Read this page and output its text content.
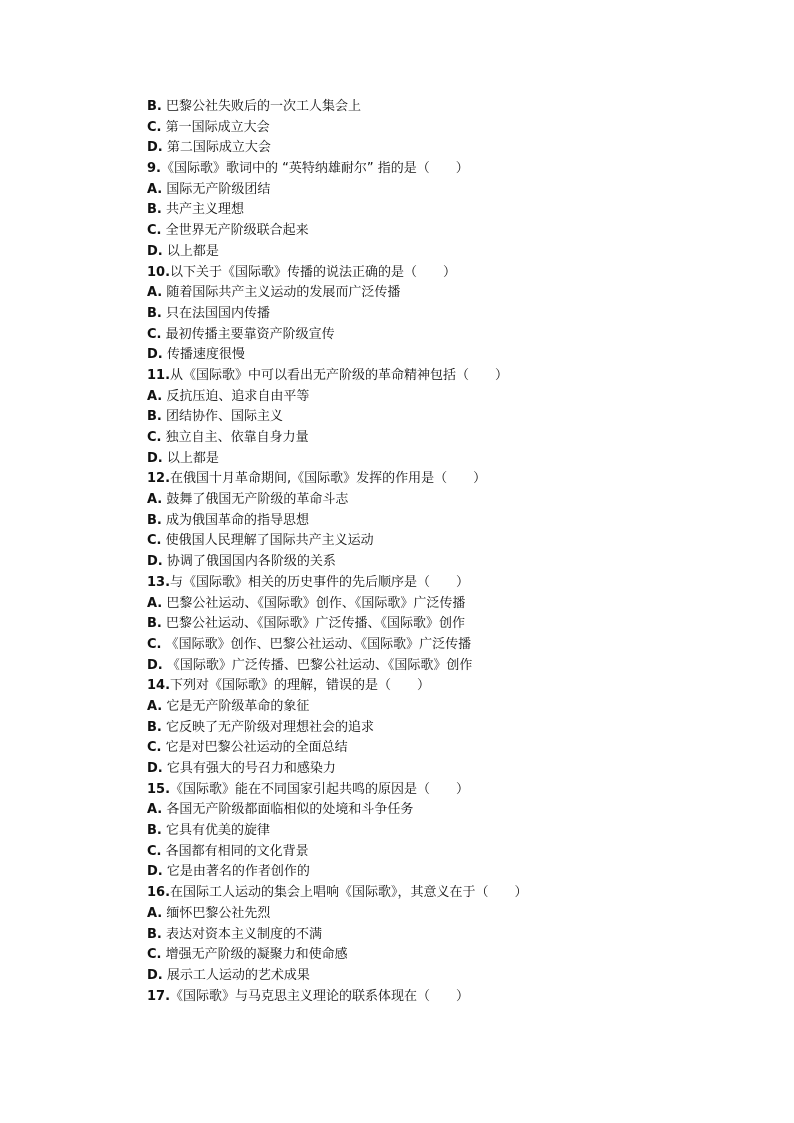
B. 巴黎公社失败后的一次工人集会上
C. 第一国际成立大会
D. 第二国际成立大会
9.《国际歌》歌词中的 “英特纳雄耐尔” 指的是（　　）
A. 国际无产阶级团结
B. 共产主义理想
C. 全世界无产阶级联合起来
D. 以上都是
10.以下关于《国际歌》传播的说法正确的是（　　）
A. 随着国际共产主义运动的发展而广泛传播
B. 只在法国国内传播
C. 最初传播主要靠资产阶级宣传
D. 传播速度很慢
11.从《国际歌》中可以看出无产阶级的革命精神包括（　　）
A. 反抗压迫、追求自由平等
B. 团结协作、国际主义
C. 独立自主、依靠自身力量
D. 以上都是
12.在俄国十月革命期间,《国际歌》发挥的作用是（　　）
A. 鼓舞了俄国无产阶级的革命斗志
B. 成为俄国革命的指导思想
C. 使俄国人民理解了国际共产主义运动
D. 协调了俄国国内各阶级的关系
13.与《国际歌》相关的历史事件的先后顺序是（　　）
A. 巴黎公社运动、《国际歌》创作、《国际歌》广泛传播
B. 巴黎公社运动、《国际歌》广泛传播、《国际歌》创作
C. 《国际歌》创作、巴黎公社运动、《国际歌》广泛传播
D. 《国际歌》广泛传播、巴黎公社运动、《国际歌》创作
14.下列对《国际歌》的理解，错误的是（　　）
A. 它是无产阶级革命的象征
B. 它反映了无产阶级对理想社会的追求
C. 它是对巴黎公社运动的全面总结
D. 它具有强大的号召力和感染力
15.《国际歌》能在不同国家引起共鸣的原因是（　　）
A. 各国无产阶级都面临相似的处境和斗争任务
B. 它具有优美的旋律
C. 各国都有相同的文化背景
D. 它是由著名的作者创作的
16.在国际工人运动的集会上唱响《国际歌》，其意义在于（　　）
A. 缅怀巴黎公社先烈
B. 表达对资本主义制度的不满
C. 增强无产阶级的凝聚力和使命感
D. 展示工人运动的艺术成果
17.《国际歌》与马克思主义理论的联系体现在（　　）
